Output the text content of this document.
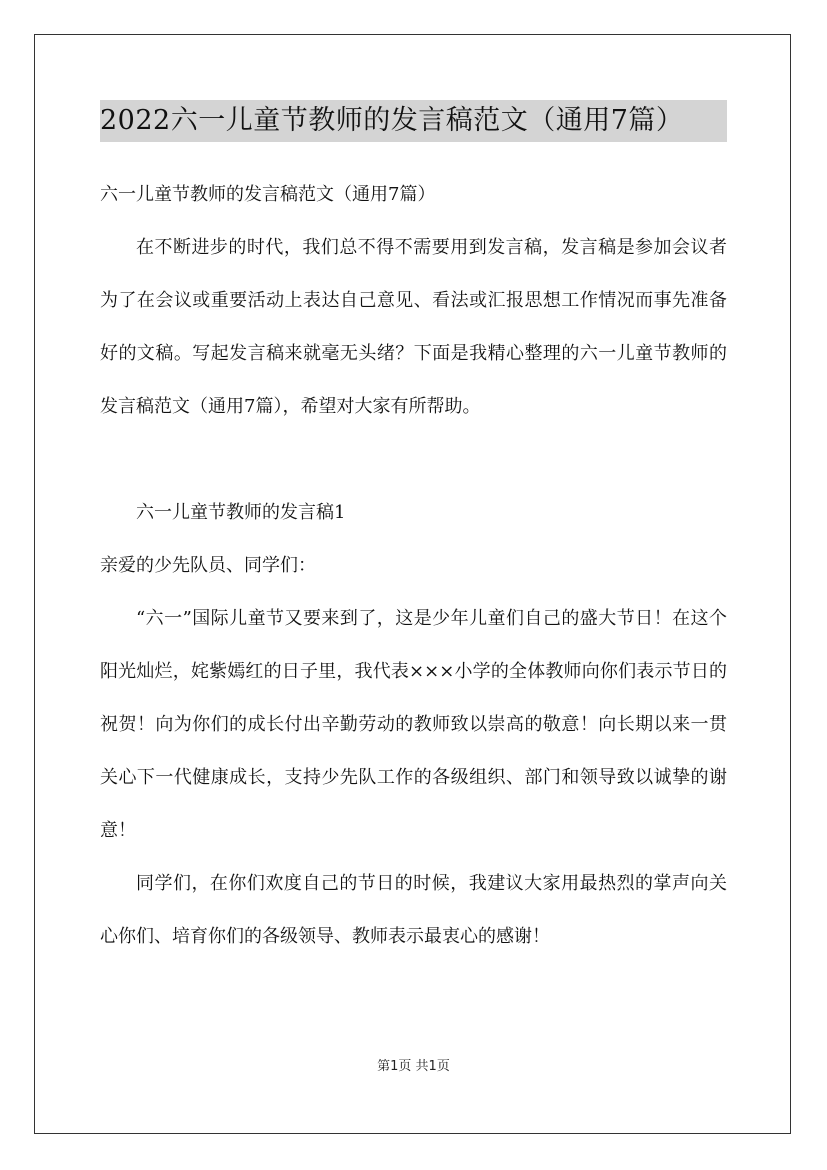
2022六一儿童节教师的发言稿范文（通用7篇）
六一儿童节教师的发言稿范文（通用7篇）

在不断进步的时代，我们总不得不需要用到发言稿，发言稿是参加会议者为了在会议或重要活动上表达自己意见、看法或汇报思想工作情况而事先准备好的文稿。写起发言稿来就毫无头绪？下面是我精心整理的六一儿童节教师的发言稿范文（通用7篇），希望对大家有所帮助。

六一儿童节教师的发言稿1
亲爱的少先队员、同学们：

“六一”国际儿童节又要来到了，这是少年儿童们自己的盛大节日！在这个阳光灿烂，姹紫嫣红的日子里，我代表×××小学的全体教师向你们表示节日的祝贺！向为你们的成长付出辛勤劳动的教师致以崇高的敬意！向长期以来一贯关心下一代健康成长，支持少先队工作的各级组织、部门和领导致以诚挚的谢意！

同学们，在你们欢度自己的节日的时候，我建议大家用最热烈的掌声向关心你们、培育你们的各级领导、教师表示最衷心的感谢！

第1页 共1页
